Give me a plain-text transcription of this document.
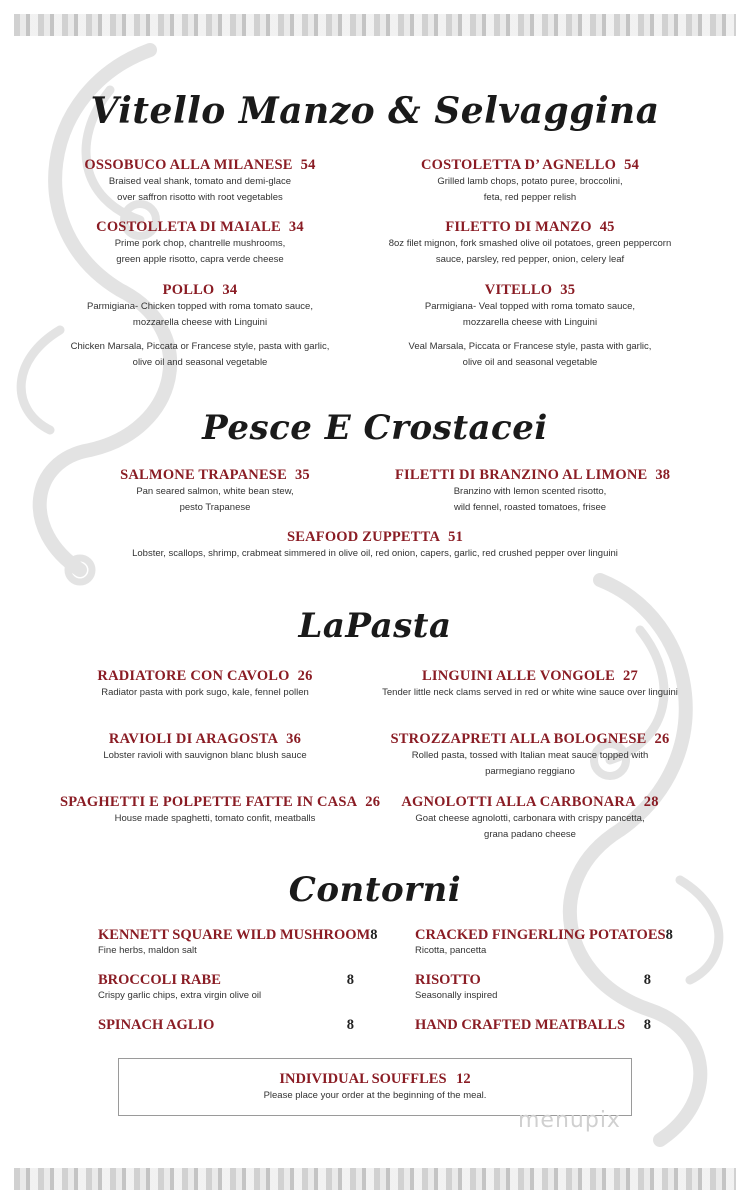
Vitello Manzo & Selvaggina
OSSOBUCO ALLA MILANESE 54
Braised veal shank, tomato and demi-glace
over saffron risotto with root vegetables
COSTOLETTA D’ AGNELLO 54
Grilled lamb chops, potato puree, broccolini,
feta, red pepper relish
COSTOLLETA DI MAIALE 34
Prime pork chop, chantrelle mushrooms,
green apple risotto, capra verde cheese
FILETTO DI MANZO 45
8oz filet mignon, fork smashed olive oil potatoes, green peppercorn
sauce, parsley, red pepper, onion, celery leaf
POLLO 34
Parmigiana- Chicken topped with roma tomato sauce,
mozzarella cheese with Linguini
Chicken Marsala, Piccata or Francese style, pasta with garlic,
olive oil and seasonal vegetable
VITELLO 35
Parmigiana- Veal topped with roma tomato sauce,
mozzarella cheese with Linguini
Veal Marsala, Piccata or Francese style, pasta with garlic,
olive oil and seasonal vegetable
Pesce E Crostacei
SALMONE TRAPANESE 35
Pan seared salmon, white bean stew,
pesto Trapanese
FILETTI DI BRANZINO AL LIMONE 38
Branzino with lemon scented risotto,
wild fennel, roasted tomatoes, frisee
SEAFOOD ZUPPETTA 51
Lobster, scallops, shrimp, crabmeat simmered in olive oil, red onion, capers, garlic, red crushed pepper over linguini
LaPasta
RADIATORE CON CAVOLO 26
Radiator pasta with pork sugo, kale, fennel pollen
LINGUINI ALLE VONGOLE 27
Tender little neck clams served in red or white wine sauce over linguini
RAVIOLI DI ARAGOSTA 36
Lobster ravioli with sauvignon blanc blush sauce
STROZZAPRETI ALLA BOLOGNESE 26
Rolled pasta, tossed with Italian meat sauce topped with
parmegiano reggiano
SPAGHETTI E POLPETTE FATTE IN CASA 26
House made spaghetti, tomato confit, meatballs
AGNOLOTTI ALLA CARBONARA 28
Goat cheese agnolotti, carbonara with crispy pancetta,
grana padano cheese
Contorni
KENNETT SQUARE WILD MUSHROOM 8
Fine herbs, maldon salt
CRACKED FINGERLING POTATOES 8
Ricotta, pancetta
BROCCOLI RABE	8
Crispy garlic chips, extra virgin olive oil
RISOTTO	8
Seasonally inspired
SPINACH AGLIO	8	HAND CRAFTED MEATBALLS 8
INDIVIDUAL SOUFFLES 12
Please place your order at the beginning of the meal.
menupix
